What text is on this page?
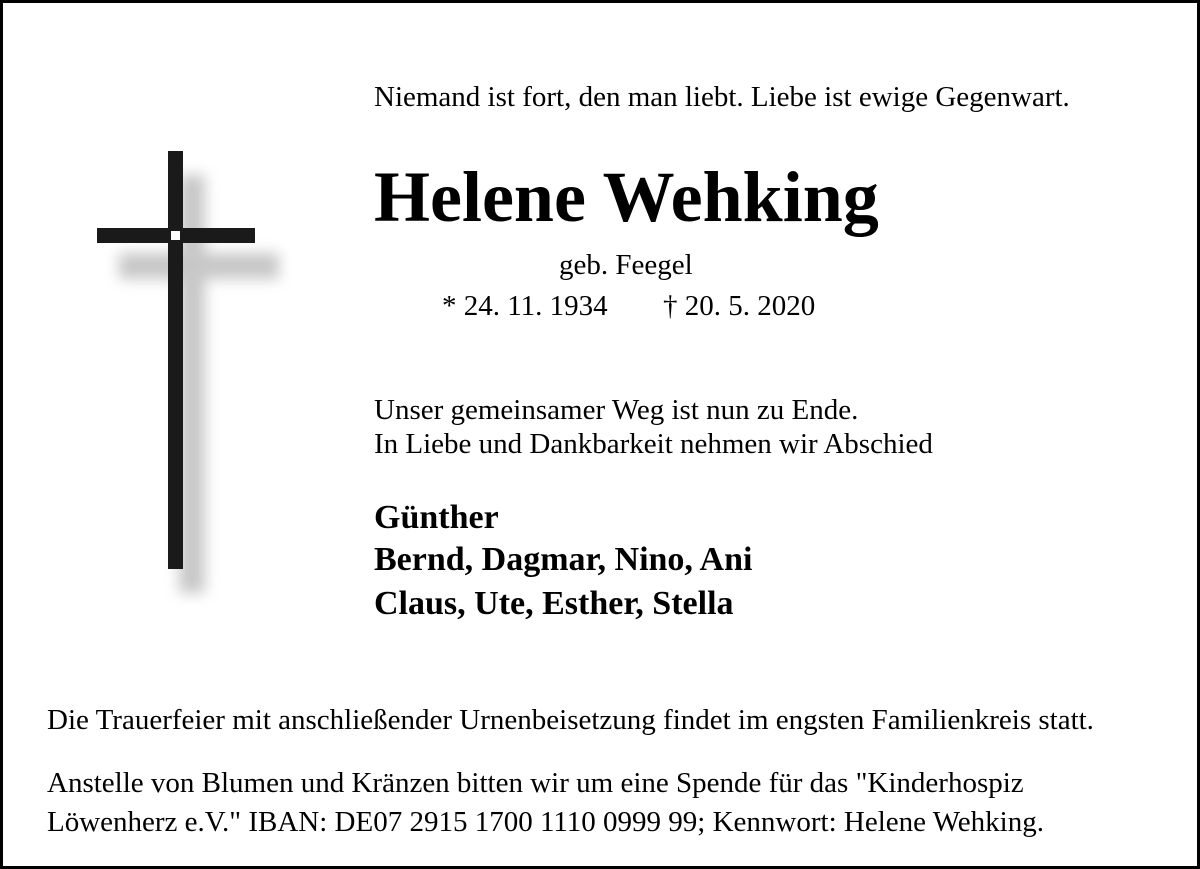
Niemand ist fort, den man liebt. Liebe ist ewige Gegenwart.

Helene Wehking

geb. Feegel

* 24. 11. 1934 † 20. 5. 2020

Unser gemeinsamer Weg ist nun zu Ende.

In Liebe und Dankbarkeit nehmen wir Abschied

Günther

Bernd, Dagmar, Nino, Ani

Claus, Ute, Esther, Stella

Die Trauerfeier mit anschließender Urnenbeisetzung findet im engsten Familienkreis statt.

Anstelle von Blumen und Kränzen bitten wir um eine Spende für das "Kinderhospiz

Löwenherz e.V." IBAN: DE07 2915 1700 1110 0999 99; Kennwort: Helene Wehking.
